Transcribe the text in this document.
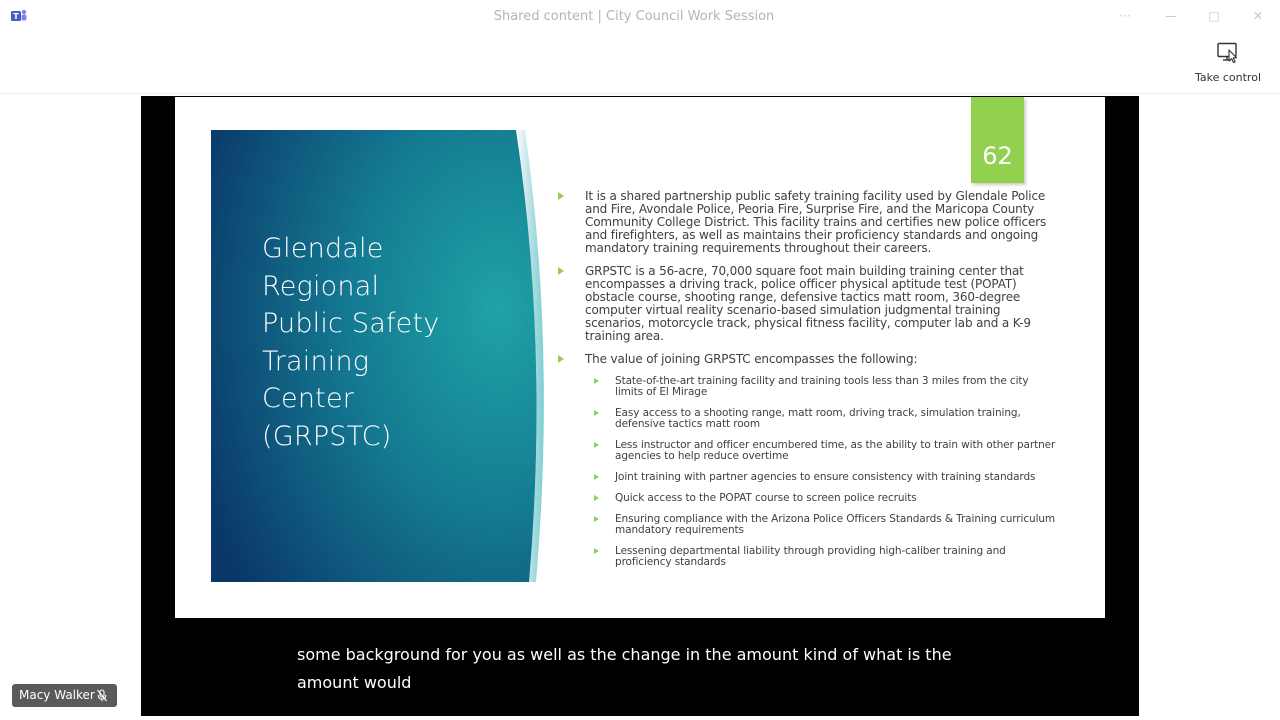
T	Shared content | City Council Work Session	···	—	□	✕
Take control
Glendale
Regional
Public Safety
Training
Center
(GRPSTC)
62
It is a shared partnership public safety training facility used by Glendale Police and Fire, Avondale Police, Peoria Fire, Surprise Fire, and the Maricopa County Community College District. This facility trains and certifies new police officers and firefighters, as well as maintains their proficiency standards and ongoing mandatory training requirements throughout their careers.
GRPSTC is a 56-acre, 70,000 square foot main building training center that encompasses a driving track, police officer physical aptitude test (POPAT) obstacle course, shooting range, defensive tactics matt room, 360-degree computer virtual reality scenario-based simulation judgmental training scenarios, motorcycle track, physical fitness facility, computer lab and a K-9 training area.
The value of joining GRPSTC encompasses the following:
State-of-the-art training facility and training tools less than 3 miles from the city limits of El Mirage
Easy access to a shooting range, matt room, driving track, simulation training, defensive tactics matt room
Less instructor and officer encumbered time, as the ability to train with other partner agencies to help reduce overtime
Joint training with partner agencies to ensure consistency with training standards
Quick access to the POPAT course to screen police recruits
Ensuring compliance with the Arizona Police Officers Standards & Training curriculum mandatory requirements
Lessening departmental liability through providing high-caliber training and proficiency standards
some background for you as well as the change in the amount kind of what is the
amount would
Macy Walker
